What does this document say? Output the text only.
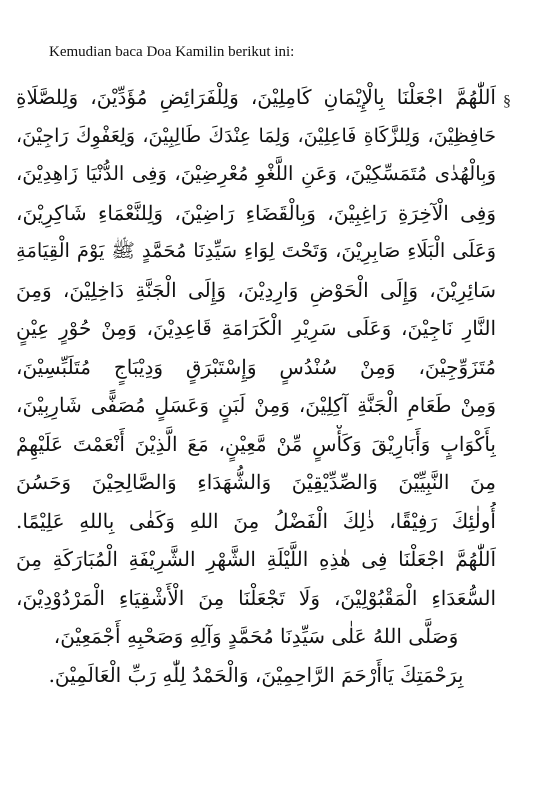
Kemudian baca Doa Kamilin berikut ini:
§
اَللّٰهُمَّ اجْعَلْنَا بِالْإِيْمَانِ كَامِلِيْنَ، وَلِلْفَرَائِضِ مُؤَدِّيْنَ، وَلِلصَّلَاةِ
حَافِظِيْنَ، وَلِلزَّكَاةِ فَاعِلِيْنَ، وَلِمَا عِنْدَكَ طَالِبِيْنَ، وَلِعَفْوِكَ رَاجِيْنَ،
وَبِالْهُدٰى مُتَمَسِّكِيْنَ، وَعَنِ اللَّغْوِ مُعْرِضِيْنَ، وَفِى الدُّنْيَا زَاهِدِيْنَ،
وَفِى الْآخِرَةِ رَاغِبِيْنَ، وَبِالْقَضَاءِ رَاضِيْنَ، وَلِلنَّعْمَاءِ شَاكِرِيْنَ،
وَعَلَى الْبَلَاءِ صَابِرِيْنَ، وَتَحْتَ لِوَاءِ سَيِّدِنَا مُحَمَّدٍ ﷺ يَوْمَ الْقِيَامَةِ
سَائِرِيْنَ، وَإِلَى الْحَوْضِ وَارِدِيْنَ، وَإِلَى الْجَنَّةِ دَاخِلِيْنَ، وَمِنَ
النَّارِ نَاجِيْنَ، وَعَلَى سَرِيْرِ الْكَرَامَةِ قَاعِدِيْنَ، وَمِنْ حُوْرٍ عِيْنٍ
مُتَزَوِّجِيْنَ، وَمِنْ سُنْدُسٍ وَإِسْتَبْرَقٍ وَدِيْبَاجٍ مُتَلَبِّسِيْنَ،
وَمِنْ طَعَامِ الْجَنَّةِ آكِلِيْنَ، وَمِنْ لَبَنٍ وَعَسَلٍ مُصَفًّى شَارِبِيْنَ،
بِأَكْوَابٍ وَأَبَارِيْقَ وَكَأْسٍ مِّنْ مَّعِيْنٍ، مَعَ الَّذِيْنَ أَنْعَمْتَ عَلَيْهِمْ
مِنَ النَّبِيِّيْنَ وَالصِّدِّيْقِيْنَ وَالشُّهَدَاءِ وَالصَّالِحِيْنَ وَحَسُنَ
أُولٰئِكَ رَفِيْقًا، ذٰلِكَ الْفَضْلُ مِنَ اللهِ وَكَفٰى بِاللهِ عَلِيْمًا.
اَللّٰهُمَّ اجْعَلْنَا فِى هٰذِهِ اللَّيْلَةِ الشَّهْرِ الشَّرِيْفَةِ الْمُبَارَكَةِ مِنَ
السُّعَدَاءِ الْمَقْبُوْلِيْنَ، وَلَا تَجْعَلْنَا مِنَ الْأَشْقِيَاءِ الْمَرْدُوْدِيْنَ،
وَصَلَّى اللهُ عَلٰى سَيِّدِنَا مُحَمَّدٍ وَآلِهِ وَصَحْبِهِ أَجْمَعِيْنَ،
بِرَحْمَتِكَ يَاأَرْحَمَ الرَّاحِمِيْنَ، وَالْحَمْدُ لِلّٰهِ رَبِّ الْعَالَمِيْنَ.
